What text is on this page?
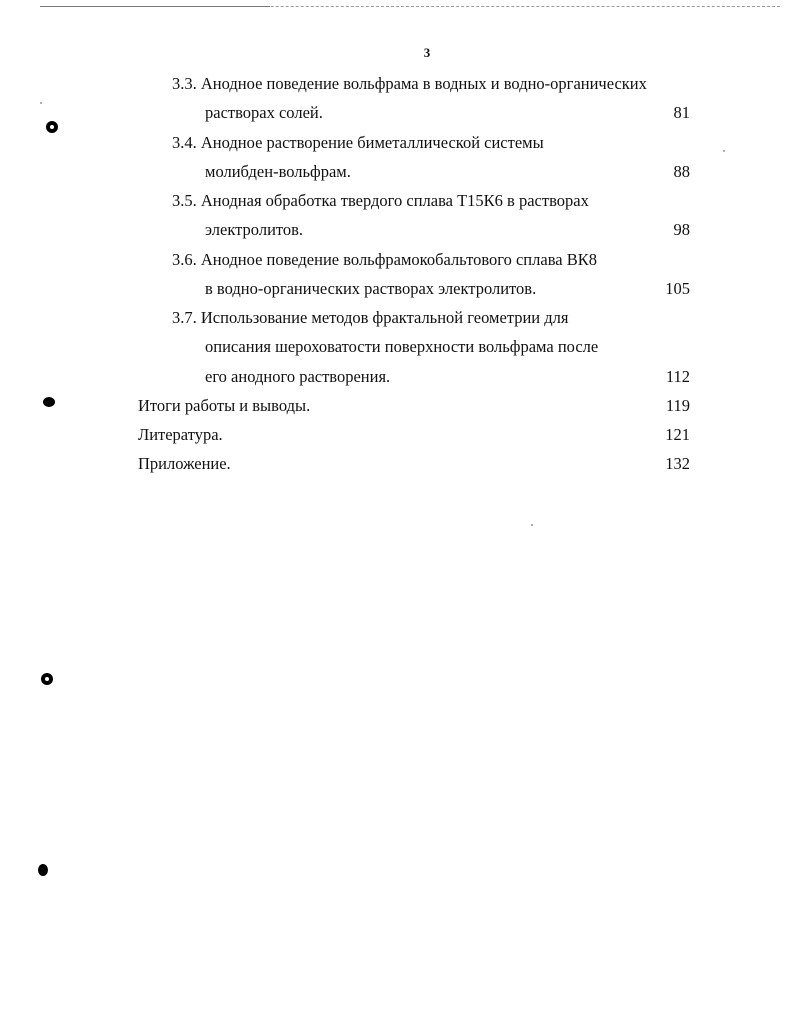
3
3.3. Анодное поведение вольфрама в водных и водно-органических
растворах солей.	81
3.4. Анодное растворение биметаллической системы
молибден-вольфрам.	88
3.5. Анодная обработка твердого сплава Т15К6 в растворах
электролитов.	98
3.6. Анодное поведение вольфрамокобальтового сплава ВК8
в водно-органических растворах электролитов.	105
3.7. Использование методов фрактальной геометрии для
описания шероховатости поверхности вольфрама после
его анодного растворения.	112
Итоги работы и выводы.	119
Литература.	121
Приложение.	132
